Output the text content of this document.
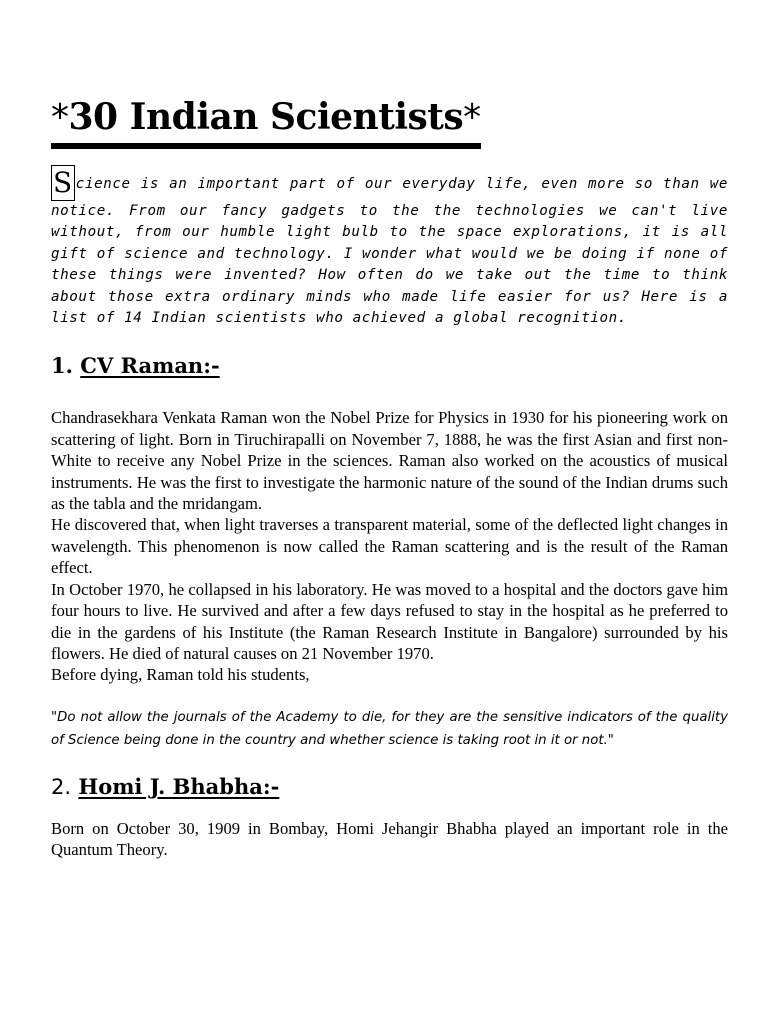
*30 Indian Scientists*
S cience is an important part of our everyday life, even more so than we notice. From our fancy gadgets to the the technologies we can't live without, from our humble light bulb to the space explorations, it is all gift of science and technology. I wonder what would we be doing if none of these things were invented? How often do we take out the time to think about those extra ordinary minds who made life easier for us? Here is a list of 14 Indian scientists who achieved a global recognition.
1. CV Raman:-

Chandrasekhara Venkata Raman won the Nobel Prize for Physics in 1930 for his pioneering work on scattering of light. Born in Tiruchirapalli on November 7, 1888, he was the first Asian and first non-White to receive any Nobel Prize in the sciences. Raman also worked on the acoustics of musical instruments. He was the first to investigate the harmonic nature of the sound of the Indian drums such as the tabla and the mridangam.

He discovered that, when light traverses a transparent material, some of the deflected light changes in wavelength. This phenomenon is now called the Raman scattering and is the result of the Raman effect.

In October 1970, he collapsed in his laboratory. He was moved to a hospital and the doctors gave him four hours to live. He survived and after a few days refused to stay in the hospital as he preferred to die in the gardens of his Institute (the Raman Research Institute in Bangalore) surrounded by his flowers. He died of natural causes on 21 November 1970.

Before dying, Raman told his students,

"Do not allow the journals of the Academy to die, for they are the sensitive indicators of the quality of Science being done in the country and whether science is taking root in it or not."
2. Homi J. Bhabha:-

Born on October 30, 1909 in Bombay, Homi Jehangir Bhabha played an important role in the Quantum Theory.
